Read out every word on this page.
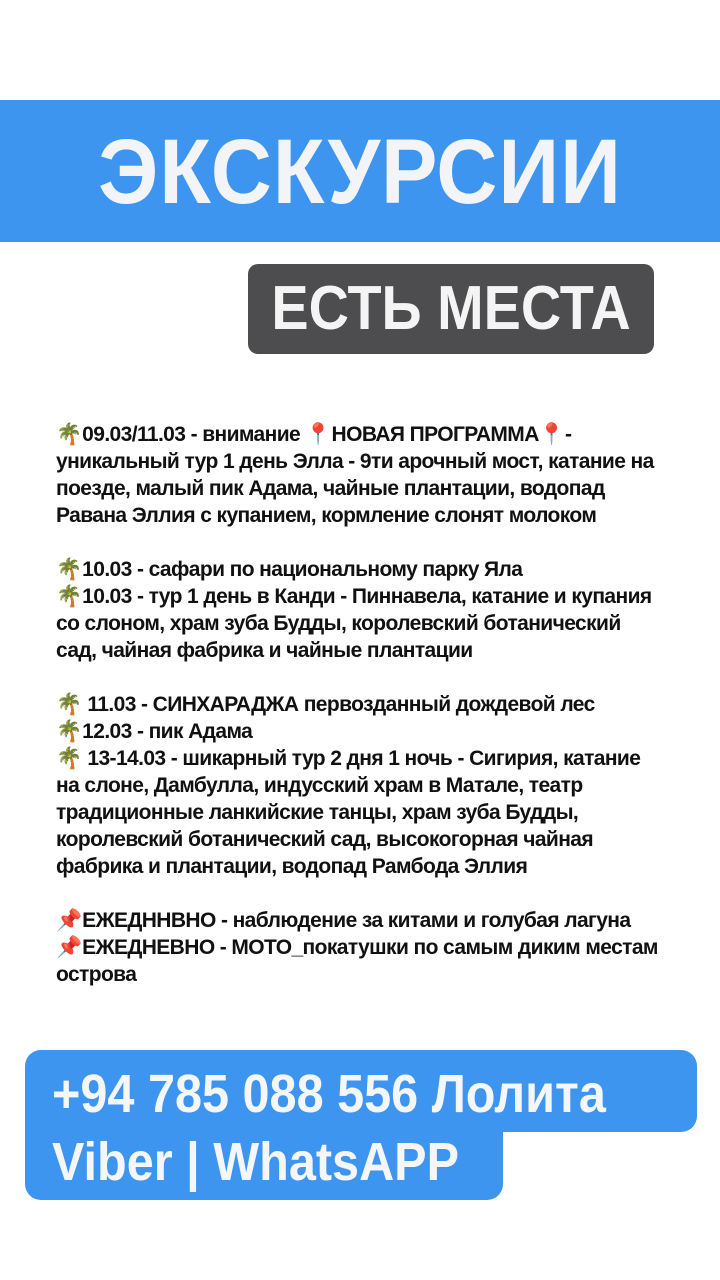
ЭКСКУРСИИ
ЕСТЬ МЕСТА
🌴09.03/11.03 - внимание 📍НОВАЯ ПРОГРАММА📍-
уникальный тур 1 день Элла - 9ти арочный мост, катание на
поезде, малый пик Адама, чайные плантации, водопад
Равана Эллия с купанием, кормление слонят молоком
🌴10.03 - сафари по национальному парку Яла
🌴10.03 - тур 1 день в Канди - Пиннавела, катание и купания
со слоном, храм зуба Будды, королевский ботанический
сад, чайная фабрика и чайные плантации
🌴 11.03 - СИНХАРАДЖА первозданный дождевой лес
🌴12.03 - пик Адама
🌴 13-14.03 - шикарный тур 2 дня 1 ночь - Сигирия, катание
на слоне, Дамбулла, индусский храм в Матале, театр
традиционные ланкийские танцы, храм зуба Будды,
королевский ботанический сад, высокогорная чайная
фабрика и плантации, водопад Рамбода Эллия
📌ЕЖЕДННВНО - наблюдение за китами и голубая лагуна
📌ЕЖЕДНЕВНО - МОТО_покатушки по самым диким местам
острова
+94 785 088 556 Лолита
Viber | WhatsAPP
